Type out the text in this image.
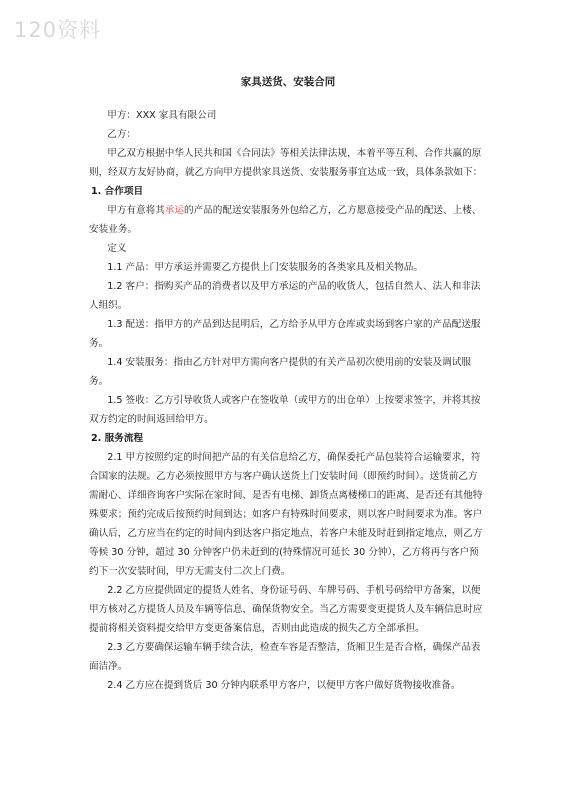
120资料
家具送货、安装合同

甲方：XXX 家具有限公司

乙方：

甲乙双方根据中华人民共和国《合同法》等相关法律法规，本着平等互利、合作共赢的原则，经双方友好协商，就乙方向甲方提供家具送货、安装服务事宜达成一致，具体条款如下：

1. 合作项目

甲方有意将其承运的产品的配送安装服务外包给乙方，乙方愿意接受产品的配送、上楼、安装业务。

定义

1.1 产品：甲方承运并需要乙方提供上门安装服务的各类家具及相关物品。

1.2 客户：指购买产品的消费者以及甲方承运的产品的收货人，包括自然人、法人和非法人组织。

1.3 配送：指甲方的产品到达昆明后，乙方给予从甲方仓库或卖场到客户家的产品配送服务。

1.4 安装服务：指由乙方针对甲方需向客户提供的有关产品初次使用前的安装及调试服务。

1.5 签收：乙方引导收货人或客户在签收单（或甲方的出仓单）上按要求签字，并将其按双方约定的时间返回给甲方。

2. 服务流程

2.1 甲方按照约定的时间把产品的有关信息给乙方，确保委托产品包装符合运输要求，符合国家的法规。乙方必须按照甲方与客户确认送货上门安装时间（即预约时间）。送货前乙方需耐心、详细咨询客户实际在家时间、是否有电梯、卸货点离楼梯口的距离、是否还有其他特殊要求；预约完成后按预约时间到达；如客户有特殊时间要求，则以客户时间要求为准。客户确认后，乙方应当在约定的时间内到达客户指定地点，若客户未能及时赶到指定地点，则乙方等候 30 分钟，超过 30 分钟客户仍未赶到的(特殊情况可延长 30 分钟），乙方将再与客户预约下一次安装时间，甲方无需支付二次上门费。

2.2 乙方应提供固定的提货人姓名、身份证号码、车牌号码、手机号码给甲方备案，以便甲方核对乙方提货人员及车辆等信息，确保货物安全。当乙方需要变更提货人及车辆信息时应提前将相关资料提交给甲方变更备案信息，否则由此造成的损失乙方全部承担。

2.3 乙方要确保运输车辆手续合法，检查车容是否整洁，货厢卫生是否合格，确保产品表面洁净。

2.4 乙方应在提到货后 30 分钟内联系甲方客户，以便甲方客户做好货物接收准备。
